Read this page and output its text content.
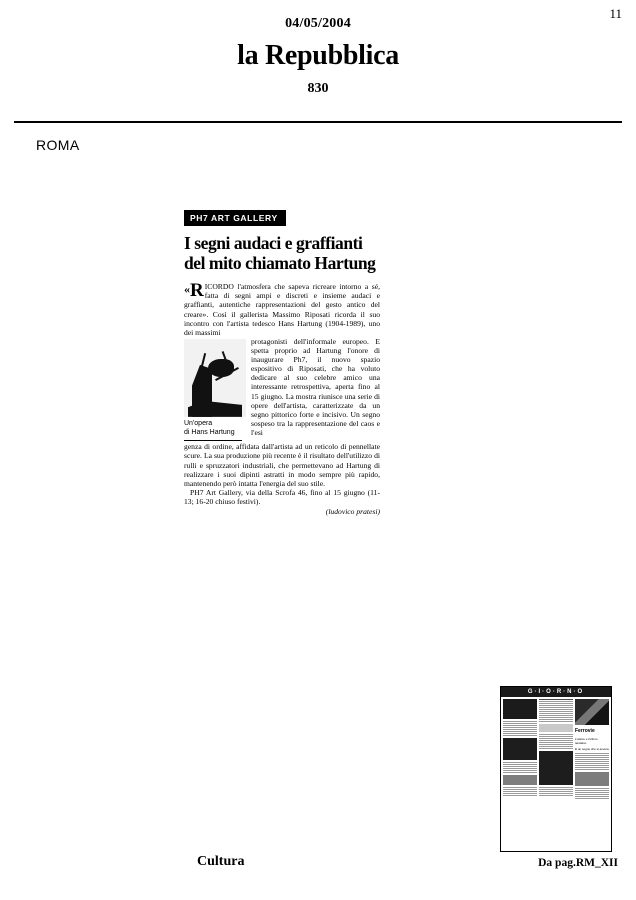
11
04/05/2004
la Repubblica
830
ROMA
PH7 ART GALLERY
I segni audaci e graffianti
del mito chiamato Hartung
« R ICORDO l'atmosfera che sapeva ricreare intorno a sé, fatta di segni ampi e discreti e insieme audaci e graffianti, autentiche rappresentazioni del gesto antico del creare». Così il gallerista Massimo Riposati ricorda il suo incontro con l'artista tedesco Hans Hartung (1904-1989), uno dei massimi

Un'opera
di Hans Hartung

protagonisti dell'informale europeo. E spetta proprio ad Hartung l'onore di inaugurare Ph7, il nuovo spazio espositivo di Riposati, che ha voluto dedicare al suo celebre amico una interessante retrospettiva, aperta fino al 15 giugno. La mostra riunisce una serie di opere dell'artista, caratterizzate da un segno pittorico forte e incisivo. Un segno sospeso tra la rappresentazione del caos e l'esi

genza di ordine, affidata dall'artista ad un reticolo di pennellate scure. La sua produzione più recente è il risultato dell'utilizzo di rulli e spruzzatori industriali, che permettevano ad Hartung di realizzare i suoi dipinti astratti in modo sempre più rapido, mantenendo però intatta l'energia del suo stile.

PH7 Art Gallery, via della Scrofa 46, fino al 15 giugno (11-13; 16-20 chiuso festivi).

(ludovico pratesi)
G·I·O·R·N·O
Ferrovie
L'attore e l'ultimo tentativo
E un sogno che si avvera
Cultura	Da pag.RM_XII
